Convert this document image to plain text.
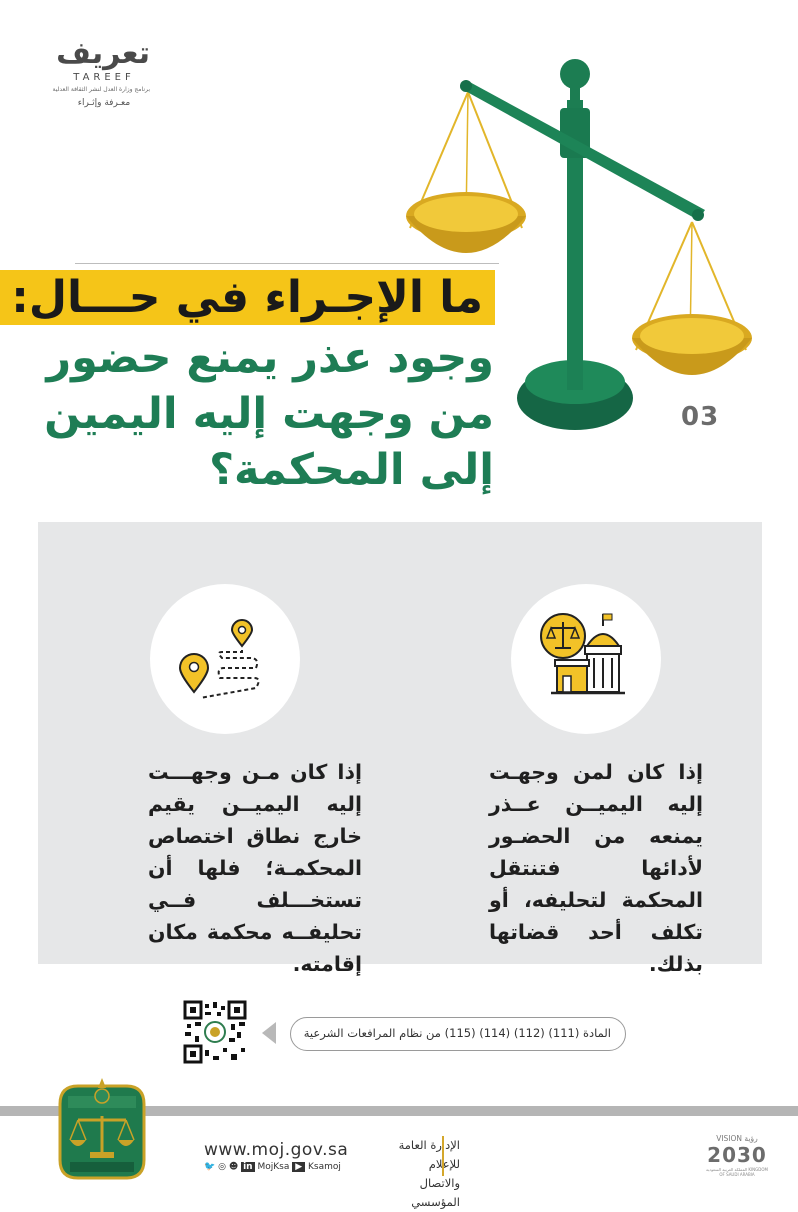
تعريف
TAREEF
برنامج وزارة العدل لنشر الثقافة العدلية
معـرفة وإثـراء
ما الإجـراء في حـــال:
وجود عذر يمنع حضور
من وجهت إليه اليمين
إلى المحكمة؟
03
إذا كان لمن وجهـت إليه اليميــن عــذر يمنعه من الحضـور لأدائها فتنتقل المحكمة لتحليفه، أو تكلف أحد قضاتها بذلك.
إذا كان مـن وجهـــت إليه اليميــن يقيم خارج نطاق اختصاص المحكمـة؛ فلها أن تستخـــلف فــي تحليفــه محكمة مكان إقامته.
المادة (111) (112) (114) (115) من نظام المرافعات الشرعية
www.moj.gov.sa
🐦 ◎ ☻ in MojKsa ▶ Ksamoj
الإدارة العامة للإعلام
والاتصال المؤسسي
VISION رؤية
2030
المملكة العربية السعودية KINGDOM OF SAUDI ARABIA
